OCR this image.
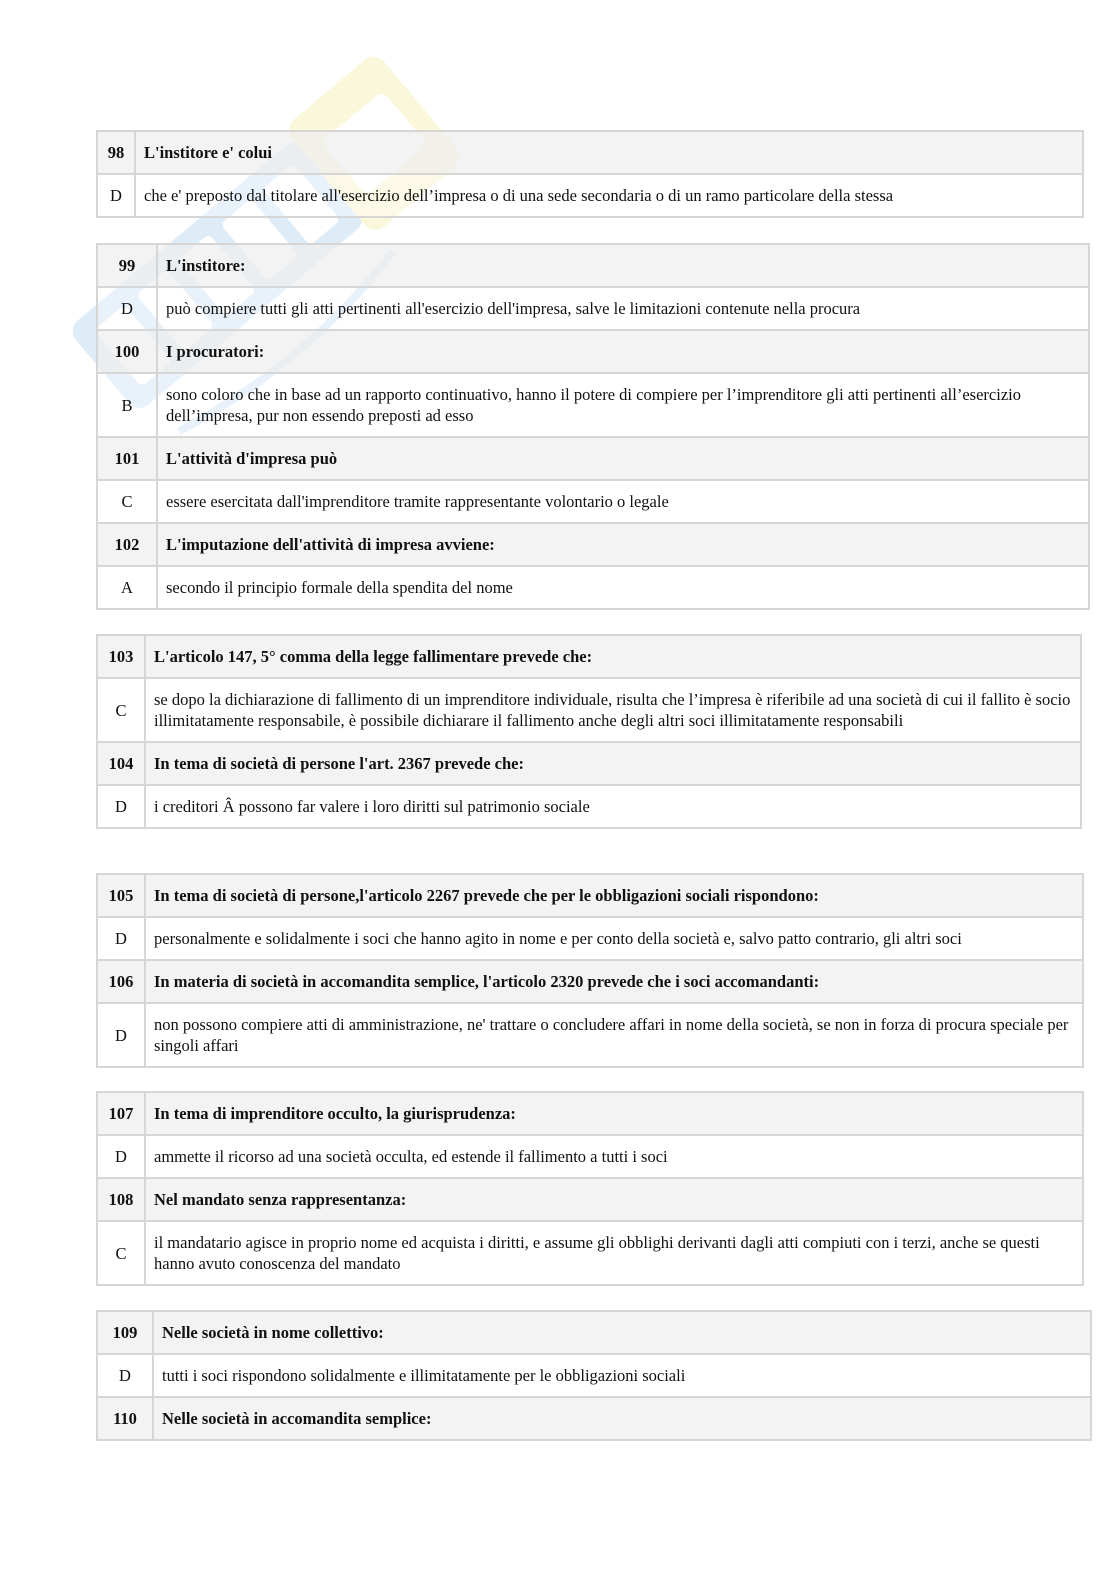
98	L'institore e' colui
D	che e' preposto dal titolare all'esercizio dell’impresa o di una sede secondaria o di un ramo particolare della stessa
99	L'institore:
D	può compiere tutti gli atti pertinenti all'esercizio dell'impresa, salve le limitazioni contenute nella procura
100	I procuratori:
B	sono coloro che in base ad un rapporto continuativo, hanno il potere di compiere per l’imprenditore gli atti pertinenti all’esercizio dell’impresa, pur non essendo preposti ad esso
101	L'attività d'impresa può
C	essere esercitata dall'imprenditore tramite rappresentante volontario o legale
102	L'imputazione dell'attività di impresa avviene:
A	secondo il principio formale della spendita del nome
103	L'articolo 147, 5° comma della legge fallimentare prevede che:
C	se dopo la dichiarazione di fallimento di un imprenditore individuale, risulta che l’impresa è riferibile ad una società di cui il fallito è socio illimitatamente responsabile, è possibile dichiarare il fallimento anche degli altri soci illimitatamente responsabili
104	In tema di società di persone l'art. 2367 prevede che:
D	i creditori Â possono far valere i loro diritti sul patrimonio sociale
105	In tema di società di persone,l'articolo 2267 prevede che per le obbligazioni sociali rispondono:
D	personalmente e solidalmente i soci che hanno agito in nome e per conto della società e, salvo patto contrario, gli altri soci
106	In materia di società in accomandita semplice, l'articolo 2320 prevede che i soci accomandanti:
D	non possono compiere atti di amministrazione, ne' trattare o concludere affari in nome della società, se non in forza di procura speciale per singoli affari
107	In tema di imprenditore occulto, la giurisprudenza:
D	ammette il ricorso ad una società occulta, ed estende il fallimento a tutti i soci
108	Nel mandato senza rappresentanza:
C	il mandatario agisce in proprio nome ed acquista i diritti, e assume gli obblighi derivanti dagli atti compiuti con i terzi, anche se questi hanno avuto conoscenza del mandato
109	Nelle società in nome collettivo:
D	tutti i soci rispondono solidalmente e illimitatamente per le obbligazioni sociali
110	Nelle società in accomandita semplice:
